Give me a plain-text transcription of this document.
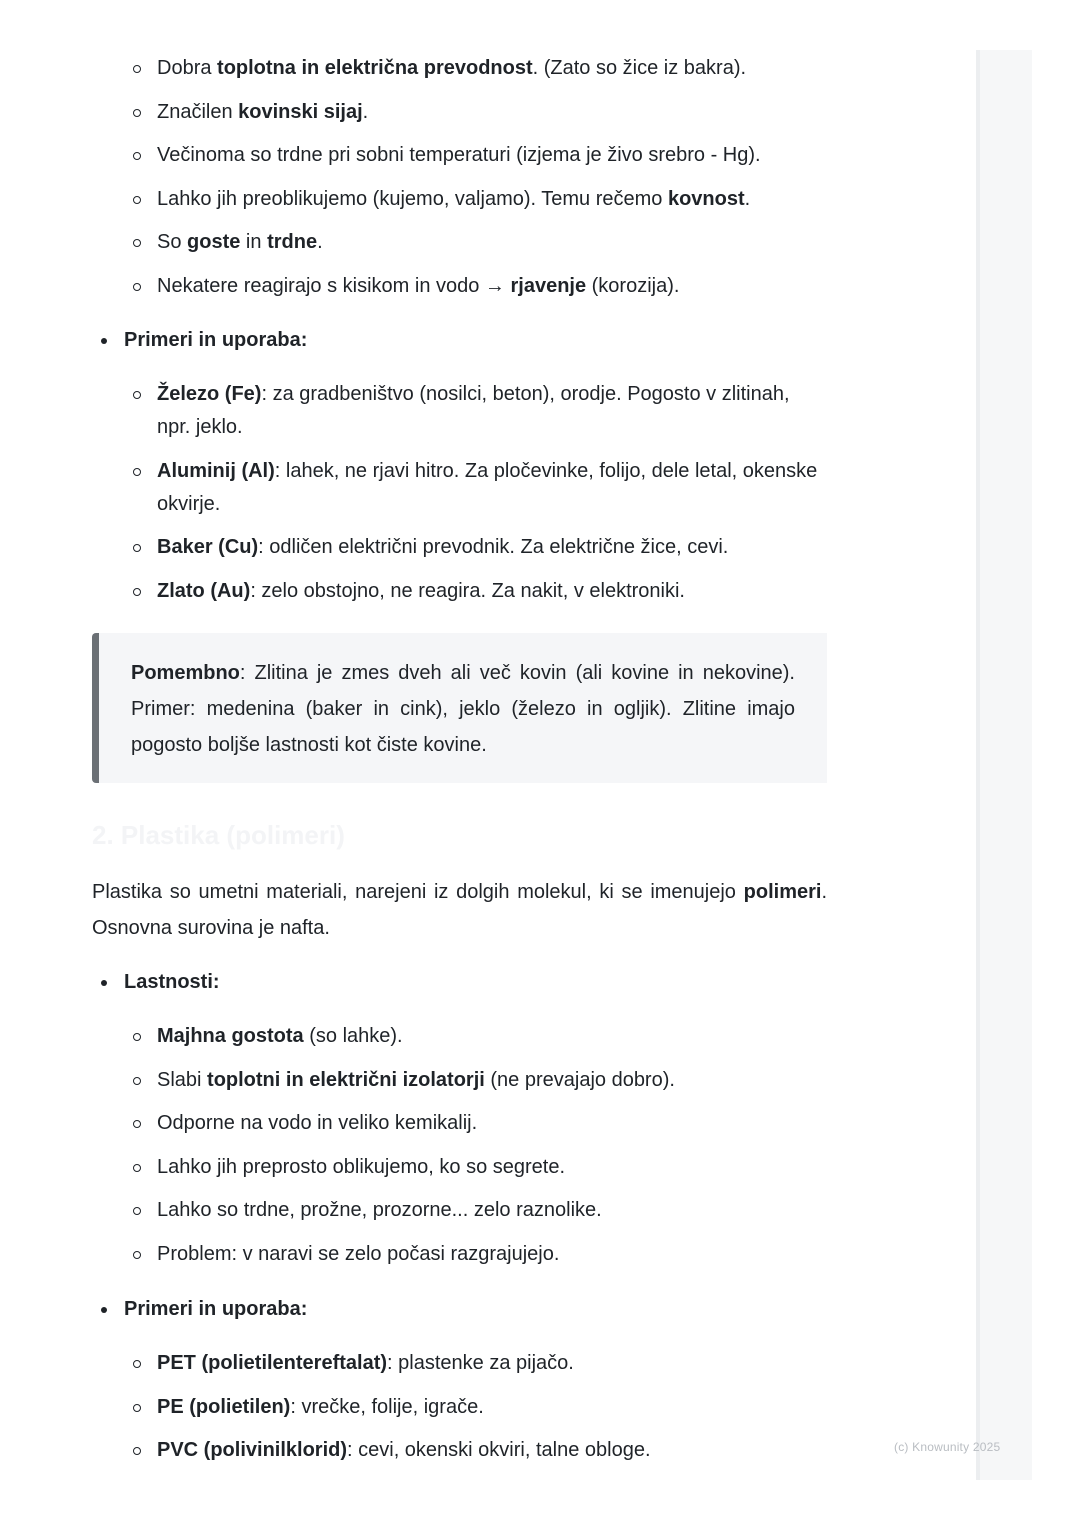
Dobra toplotna in električna prevodnost. (Zato so žice iz bakra).
Značilen kovinski sijaj.
Večinoma so trdne pri sobni temperaturi (izjema je živo srebro - Hg).
Lahko jih preoblikujemo (kujemo, valjamo). Temu rečemo kovnost.
So goste in trdne.
Nekatere reagirajo s kisikom in vodo → rjavenje (korozija).
Primeri in uporaba:
Železo (Fe): za gradbeništvo (nosilci, beton), orodje. Pogosto v zlitinah, npr. jeklo.
Aluminij (Al): lahek, ne rjavi hitro. Za pločevinke, folijo, dele letal, okenske okvirje.
Baker (Cu): odličen električni prevodnik. Za električne žice, cevi.
Zlato (Au): zelo obstojno, ne reagira. Za nakit, v elektroniki.
Pomembno: Zlitina je zmes dveh ali več kovin (ali kovine in nekovine). Primer: medenina (baker in cink), jeklo (železo in ogljik). Zlitine imajo pogosto boljše lastnosti kot čiste kovine.
2. Plastika (polimeri)
Plastika so umetni materiali, narejeni iz dolgih molekul, ki se imenujejo polimeri. Osnovna surovina je nafta.
Lastnosti:
Majhna gostota (so lahke).
Slabi toplotni in električni izolatorji (ne prevajajo dobro).
Odporne na vodo in veliko kemikalij.
Lahko jih preprosto oblikujemo, ko so segrete.
Lahko so trdne, prožne, prozorne... zelo raznolike.
Problem: v naravi se zelo počasi razgrajujejo.
Primeri in uporaba:
PET (polietilentereftalat): plastenke za pijačo.
PE (polietilen): vrečke, folije, igrače.
PVC (polivinilklorid): cevi, okenski okviri, talne obloge.	(c) Knowunity 2025
